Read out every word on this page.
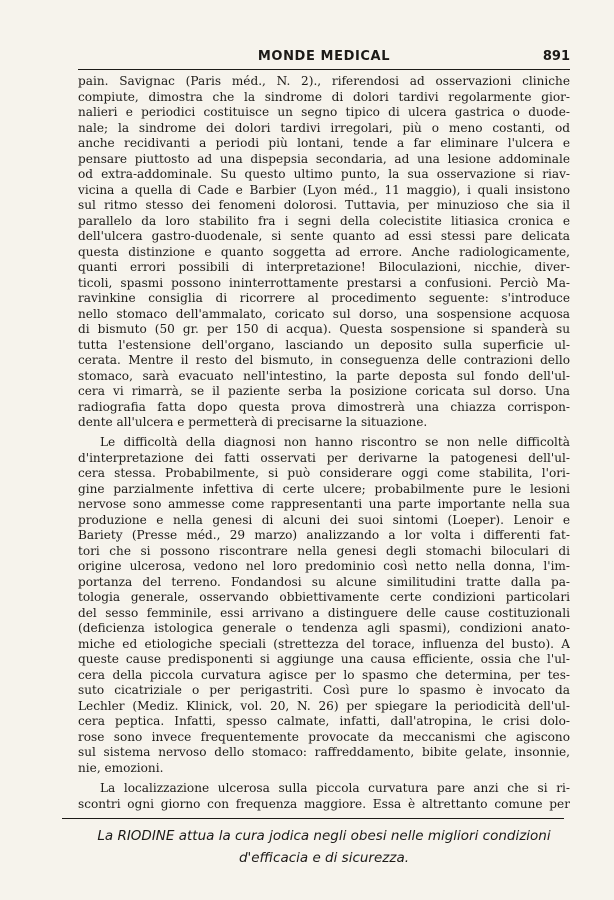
MONDE MEDICAL	891
pain. Savignac (Paris méd., N. 2)., riferendosi ad osservazioni cliniche
compiute, dimostra che la sindrome di dolori tardivi regolarmente gior-
nalieri e periodici costituisce un segno tipico di ulcera gastrica o duode-
nale; la sindrome dei dolori tardivi irregolari, più o meno costanti, od
anche recidivanti a periodi più lontani, tende a far eliminare l'ulcera e
pensare piuttosto ad una dispepsia secondaria, ad una lesione addominale
od extra-addominale. Su questo ultimo punto, la sua osservazione si riav-
vicina a quella di Cade e Barbier (Lyon méd., 11 maggio), i quali insistono
sul ritmo stesso dei fenomeni dolorosi. Tuttavia, per minuzioso che sia il
parallelo da loro stabilito fra i segni della colecistite litiasica cronica e
dell'ulcera gastro-duodenale, si sente quanto ad essi stessi pare delicata
questa distinzione e quanto soggetta ad errore. Anche radiologicamente,
quanti errori possibili di interpretazione! Biloculazioni, nicchie, diver-
ticoli, spasmi possono ininterrottamente prestarsi a confusioni. Perciò Ma-
ravinkine consiglia di ricorrere al procedimento seguente: s'introduce
nello stomaco dell'ammalato, coricato sul dorso, una sospensione acquosa
di bismuto (50 gr. per 150 di acqua). Questa sospensione si spanderà su
tutta l'estensione dell'organo, lasciando un deposito sulla superficie ul-
cerata. Mentre il resto del bismuto, in conseguenza delle contrazioni dello
stomaco, sarà evacuato nell'intestino, la parte deposta sul fondo dell'ul-
cera vi rimarrà, se il paziente serba la posizione coricata sul dorso. Una
radiografia fatta dopo questa prova dimostrerà una chiazza corrispon-
dente all'ulcera e permetterà di precisarne la situazione.
Le difficoltà della diagnosi non hanno riscontro se non nelle difficoltà
d'interpretazione dei fatti osservati per derivarne la patogenesi dell'ul-
cera stessa. Probabilmente, si può considerare oggi come stabilita, l'ori-
gine parzialmente infettiva di certe ulcere; probabilmente pure le lesioni
nervose sono ammesse come rappresentanti una parte importante nella sua
produzione e nella genesi di alcuni dei suoi sintomi (Loeper). Lenoir e
Bariety (Presse méd., 29 marzo) analizzando a lor volta i differenti fat-
tori che si possono riscontrare nella genesi degli stomachi biloculari di
origine ulcerosa, vedono nel loro predominio così netto nella donna, l'im-
portanza del terreno. Fondandosi su alcune similitudini tratte dalla pa-
tologia generale, osservando obbiettivamente certe condizioni particolari
del sesso femminile, essi arrivano a distinguere delle cause costituzionali
(deficienza istologica generale o tendenza agli spasmi), condizioni anato-
miche ed etiologiche speciali (strettezza del torace, influenza del busto). A
queste cause predisponenti si aggiunge una causa efficiente, ossia che l'ul-
cera della piccola curvatura agisce per lo spasmo che determina, per tes-
suto cicatriziale o per perigastriti. Così pure lo spasmo è invocato da
Lechler (Mediz. Klinick, vol. 20, N. 26) per spiegare la periodicità dell'ul-
cera peptica. Infatti, spesso calmate, infatti, dall'atropina, le crisi dolo-
rose sono invece frequentemente provocate da meccanismi che agiscono
sul sistema nervoso dello stomaco: raffreddamento, bibite gelate, insonnie,
nie, emozioni.
La localizzazione ulcerosa sulla piccola curvatura pare anzi che si ri-
scontri ogni giorno con frequenza maggiore. Essa è altrettanto comune per
La RIODINE attua la cura jodica negli obesi nelle migliori condizioni
d'efficacia e di sicurezza.
